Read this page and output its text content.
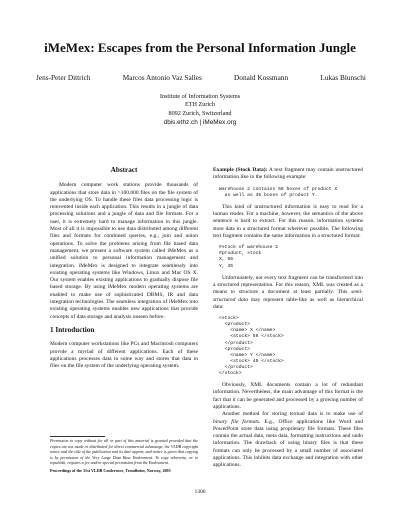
iMeMex: Escapes from the Personal Information Jungle
Jens-Peter Dittrich	Marcos Antonio Vaz Salles	Donald Kossmann	Lukas Blunschi
Institute of Information Systems
ETH Zurich
8092 Zurich, Switzerland
dbis.ethz.ch | iMeMex.org
Abstract

Modern computer work stations provide thousands of applications that store data in >100.000 files on the file system of the underlying OS. To handle these files data processing logic is reinvented inside each application. This results in a jungle of data processing solutions and a jungle of data and file formats. For a user, it is extremely hard to manage information in this jungle. Most of all it is impossible to use data distributed among different files and formats for combined queries, e.g., join and union operations. To solve the problems arising from file based data management, we present a software system called iMeMex as a unified solution to personal information management and integration. iMeMex is designed to integrate seamlessly into existing operating systems like Windows, Linux and Mac OS X. Our system enables existing applications to gradually dispose file based storage. By using iMeMex modern operating systems are enabled to make use of sophisticated DBMS, IR and data integration technologies. The seamless integration of iMeMex into existing operating systems enables new applications that provide concepts of data storage and analysis unseen before.

1 Introduction

Modern computer workstations like PCs and Macintosh computers provide a myriad of different applications. Each of these applications processes data in some way and stores that data in files on the file system of the underlying operating system.

Permission to copy without fee all or part of this material is granted provided that the copies are not made or distributed for direct commercial advantage, the VLDB copyright notice and the title of the publication and its date appear, and notice is given that copying is by permission of the Very Large Data Base Endowment. To copy otherwise, or to republish, requires a fee and/or special permission from the Endowment.
Proceedings of the 31st VLDB Conference, Trondheim, Norway, 2005

Example (Stock Data): A text fragment may contain unstructured information like in the following example:

Warehouse 2 contains 56 boxes of product X
as well as 45 boxes of product Y.

This kind of unstructured information is easy to read for a human reader. For a machine, however, the semantics of the above sentence is hard to extract. For this reason, information systems store data in a structured format wherever possible. The following text fragment contains the same information in a structured format:

#stock of warehouse 2
#product, stock
X, 56
Y, 45

Unfortunately, not every text fragment can be transformed into a structured representation. For this reason, XML was created as a means to structure a document at least partially. This semi-structured data may represent table-like as well as hierarchical data:

<stock>
<product>
<name> X </name>
<stock> 56 </stock>
</product>
<product>
<name> Y </name>
<stock> 45 </stock>
</product>
</stock>

Obviously, XML documents contain a lot of redundant information. Nevertheless, the main advantage of this format is the fact that it can be generated and processed by a growing number of applications.

Another method for storing textual data is to make use of binary file formats. E.g., Office applications like Word and PowerPoint store data using proprietary file formats. These files contain the actual data, meta data, formatting instructions and undo information. The drawback of using binary files is that these formats can only be processed by a small number of associated applications. This inhibits data exchange and integration with other applications.

1306
